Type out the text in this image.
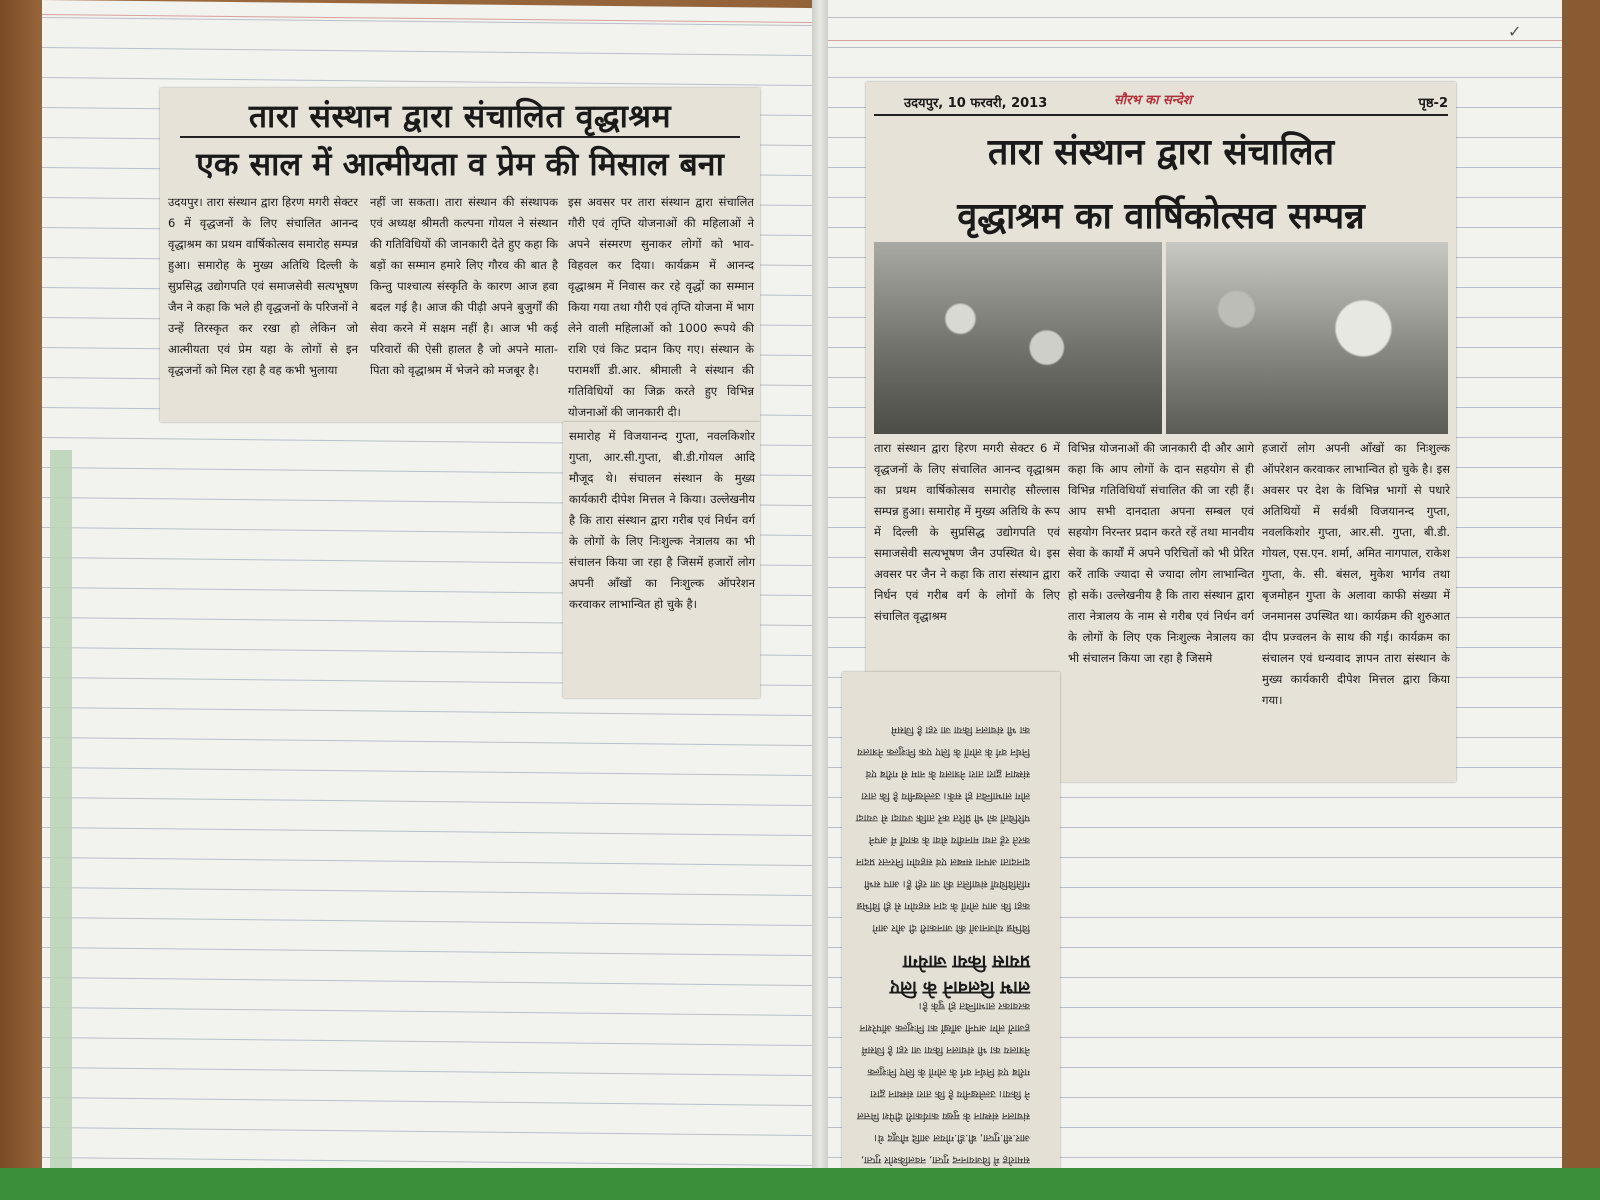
✓
तारा संस्थान द्वारा संचालित वृद्धाश्रम
एक साल में आत्मीयता व प्रेम की मिसाल बना
उदयपुर। तारा संस्थान द्वारा हिरण मगरी सेक्टर 6 में वृद्धजनों के लिए संचालित आनन्द वृद्धाश्रम का प्रथम वार्षिकोत्सव समारोह सम्पन्न हुआ। समारोह के मुख्य अतिथि दिल्ली के सुप्रसिद्ध उद्योगपति एवं समाजसेवी सत्यभूषण जैन ने कहा कि भले ही वृद्धजनों के परिजनों ने उन्हें तिरस्कृत कर रखा हो लेकिन जो आत्मीयता एवं प्रेम यहा के लोगों से इन वृद्धजनों को मिल रहा है वह कभी भुलाया
नहीं जा सकता। तारा संस्थान की संस्थापक एवं अध्यक्ष श्रीमती कल्पना गोयल ने संस्थान की गतिविधियों की जानकारी देते हुए कहा कि बड़ों का सम्मान हमारे लिए गौरव की बात है किन्तु पाश्चात्य संस्कृति के कारण आज हवा बदल गई है। आज की पीढ़ी अपने बुजुर्गों की सेवा करने में सक्षम नहीं है। आज भी कई परिवारों की ऐसी हालत है जो अपने माता-पिता को वृद्धाश्रम में भेजने को मजबूर है।
इस अवसर पर तारा संस्थान द्वारा संचालित गौरी एवं तृप्ति योजनाओं की महिलाओं ने अपने संस्मरण सुनाकर लोगों को भाव-विहवल कर दिया। कार्यक्रम में आनन्द वृद्धाश्रम में निवास कर रहे वृद्धों का सम्मान किया गया तथा गौरी एवं तृप्ति योजना में भाग लेने वाली महिलाओं को 1000 रूपये की राशि एवं किट प्रदान किए गए। संस्थान के परामर्शी डी.आर. श्रीमाली ने संस्थान की गतिविधियों का जिक्र करते हुए विभिन्न योजनाओं की जानकारी दी।
समारोह में विजयानन्द गुप्ता, नवलकिशोर गुप्ता, आर.सी.गुप्ता, बी.डी.गोयल आदि मौजूद थे। संचालन संस्थान के मुख्य कार्यकारी दीपेश मित्तल ने किया। उल्लेखनीय है कि तारा संस्थान द्वारा गरीब एवं निर्धन वर्ग के लोगों के लिए निःशुल्क नेत्रालय का भी संचालन किया जा रहा है जिसमें हजारों लोग अपनी आँखों का निःशुल्क ऑपरेशन करवाकर लाभान्वित हो चुके है।
उदयपुर, 10 फरवरी, 2013	सौरभ का सन्देश	पृष्ठ-2
तारा संस्थान द्वारा संचालित
वृद्धाश्रम का वार्षिकोत्सव सम्पन्न
तारा संस्थान द्वारा हिरण मगरी सेक्टर 6 में वृद्धजनों के लिए संचालित आनन्द वृद्धाश्रम का प्रथम वार्षिकोत्सव समारोह सौल्लास सम्पन्न हुआ। समारोह में मुख्य अतिथि के रूप में दिल्ली के सुप्रसिद्ध उद्योगपति एवं समाजसेवी सत्यभूषण जैन उपस्थित थे। इस अवसर पर जैन ने कहा कि तारा संस्थान द्वारा निर्धन एवं गरीब वर्ग के लोगों के लिए संचालित वृद्धाश्रम
विभिन्न योजनाओं की जानकारी दी और आगे कहा कि आप लोगों के दान सहयोग से ही विभिन्न गतिविधियाँ संचालित की जा रही हैं। आप सभी दानदाता अपना सम्बल एवं सहयोग निरन्तर प्रदान करते रहें तथा मानवीय सेवा के कार्यों में अपने परिचितों को भी प्रेरित करें ताकि ज्यादा से ज्यादा लोग लाभान्वित हो सकें। उल्लेखनीय है कि तारा संस्थान द्वारा तारा नेत्रालय के नाम से गरीब एवं निर्धन वर्ग के लोगों के लिए एक निःशुल्क नेत्रालय का भी संचालन किया जा रहा है जिसमे
हजारों लोग अपनी आँखों का निःशुल्क ऑपरेशन करवाकर लाभान्वित हो चुके है। इस अवसर पर देश के विभिन्न भागों से पधारे अतिथियों में सर्वश्री विजयानन्द गुप्ता, नवलकिशोर गुप्ता, आर.सी. गुप्ता, बी.डी. गोयल, एस.एन. शर्मा, अमित नागपाल, राकेश गुप्ता, के. सी. बंसल, मुकेश भार्गव तथा बृजमोहन गुप्ता के अलावा काफी संख्या में जनमानस उपस्थित था। कार्यक्रम की शुरुआत दीप प्रज्वलन के साथ की गई। कार्यक्रम का संचालन एवं धन्यवाद ज्ञापन तारा संस्थान के मुख्य कार्यकारी दीपेश मित्तल द्वारा किया गया।
लाभ दिलवाने के लिए
प्रयास किया जायेगा
विभिन्न योजनाओं की जानकारी दी और आगे कहा कि आप लोगों के दान सहयोग से ही विभिन्न गतिविधियाँ संचालित की जा रही हैं। आप सभी दानदाता अपना सम्बल एवं सहयोग निरन्तर प्रदान करते रहें तथा मानवीय सेवा के कार्यों में अपने परिचितों को भी प्रेरित करें ताकि ज्यादा से ज्यादा लोग लाभान्वित हो सकें। उल्लेखनीय है कि तारा संस्थान द्वारा तारा नेत्रालय के नाम से गरीब एवं निर्धन वर्ग के लोगों के लिए एक निःशुल्क नेत्रालय का भी संचालन किया जा रहा है जिसमे
समारोह में विजयानन्द गुप्ता, नवलकिशोर गुप्ता, आर.सी.गुप्ता, बी.डी.गोयल आदि मौजूद थे। संचालन संस्थान के मुख्य कार्यकारी दीपेश मित्तल ने किया। उल्लेखनीय है कि तारा संस्थान द्वारा गरीब एवं निर्धन वर्ग के लोगों के लिए निःशुल्क नेत्रालय का भी संचालन किया जा रहा है जिसमें हजारों लोग अपनी आँखों का निःशुल्क ऑपरेशन करवाकर लाभान्वित हो चुके है।
